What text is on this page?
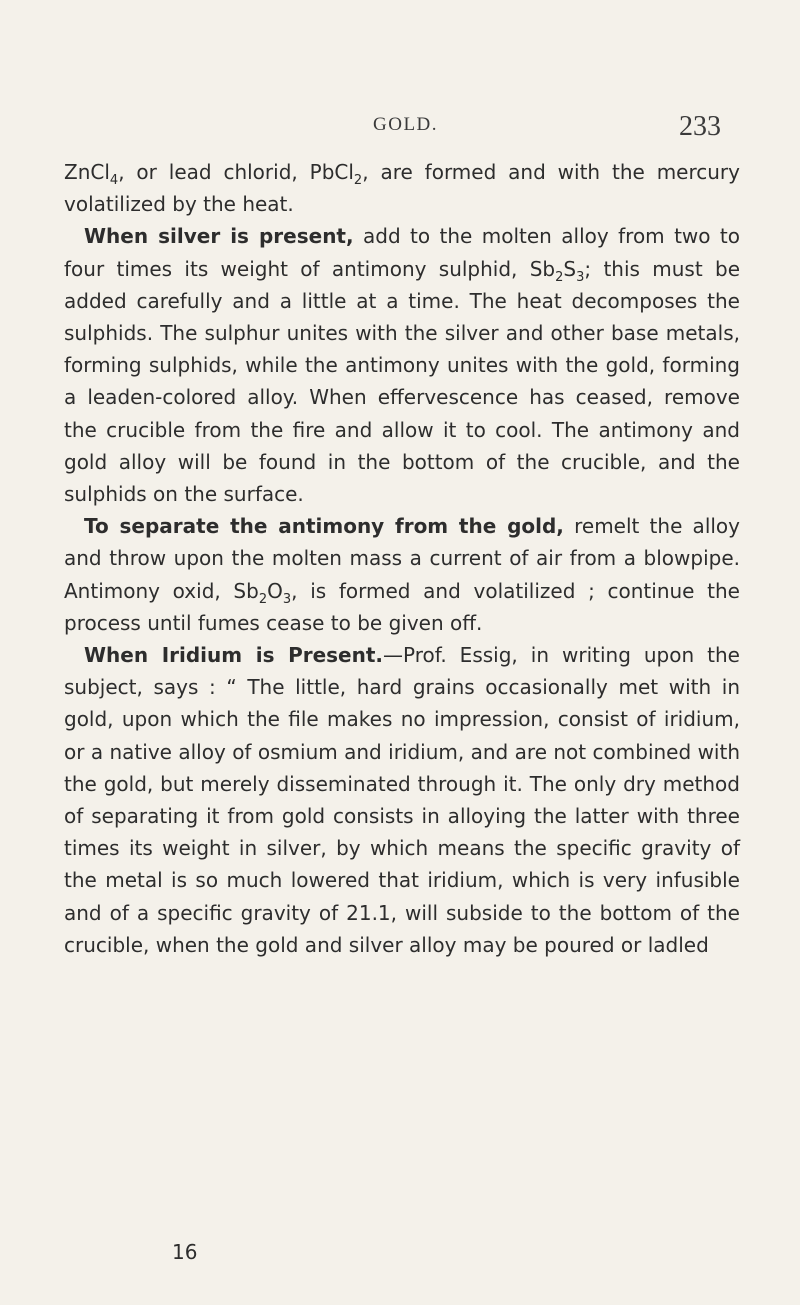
GOLD.	233

ZnCl$_4$, or lead chlorid, PbCl$_2$, are formed and with the mercury volatilized by the heat.

When silver is present, add to the molten alloy from two to four times its weight of antimony sulphid, $Sb_2S_3$; this must be added carefully and a little at a time. The heat decomposes the sulphids. The sulphur unites with the silver and other base metals, forming sulphids, while the antimony unites with the gold, forming a leaden-colored alloy. When effervescence has ceased, remove the crucible from the fire and allow it to cool. The antimony and gold alloy will be found in the bottom of the crucible, and the sulphids on the surface.

To separate the antimony from the gold, remelt the alloy and throw upon the molten mass a current of air from a blowpipe. Antimony oxid, $Sb_2O_3$, is formed and volatilized ; continue the process until fumes cease to be given off.

When Iridium is Present.—Prof. Essig, in writing upon the subject, says : “ The little, hard grains occasionally met with in gold, upon which the file makes no impression, consist of iridium, or a native alloy of osmium and iridium, and are not combined with the gold, but merely disseminated through it. The only dry method of separating it from gold consists in alloying the latter with three times its weight in silver, by which means the specific gravity of the metal is so much lowered that iridium, which is very infusible and of a specific gravity of 21.1, will subside to the bottom of the crucible, when the gold and silver alloy may be poured or ladled

16
